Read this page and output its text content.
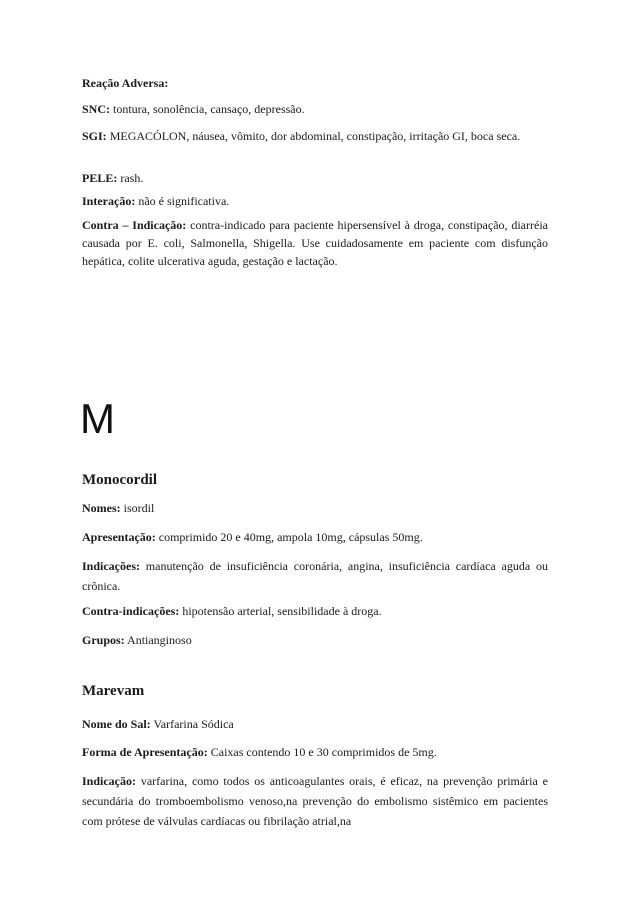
Reação Adversa:
SNC: tontura, sonolência, cansaço, depressão.
SGI: MEGACÓLON, náusea, vômito, dor abdominal, constipação, irritação GI, boca seca.
PELE: rash.
Interação: não é significativa.
Contra – Indicação: contra-indicado para paciente hipersensível à droga, constipação, diarréia causada por E. coli, Salmonella, Shigella. Use cuidadosamente em paciente com disfunção hepática, colite ulcerativa aguda, gestação e lactação.
M
Monocordil
Nomes: isordil
Apresentação: comprimido 20 e 40mg, ampola 10mg, cápsulas 50mg.
Indicações: manutenção de insuficiência coronária, angina, insuficiência cardíaca aguda ou crônica.
Contra-indicações: hipotensão arterial, sensibilidade à droga.
Grupos: Antianginoso
Marevam
Nome do Sal: Varfarina Sódica
Forma de Apresentação: Caixas contendo 10 e 30 comprimidos de 5mg.
Indicação: varfarina, como todos os anticoagulantes orais, é eficaz, na prevenção primária e secundária do tromboembolismo venoso,na prevenção do embolismo sistêmico em pacientes com prótese de válvulas cardíacas ou fibrilação atrial,na
